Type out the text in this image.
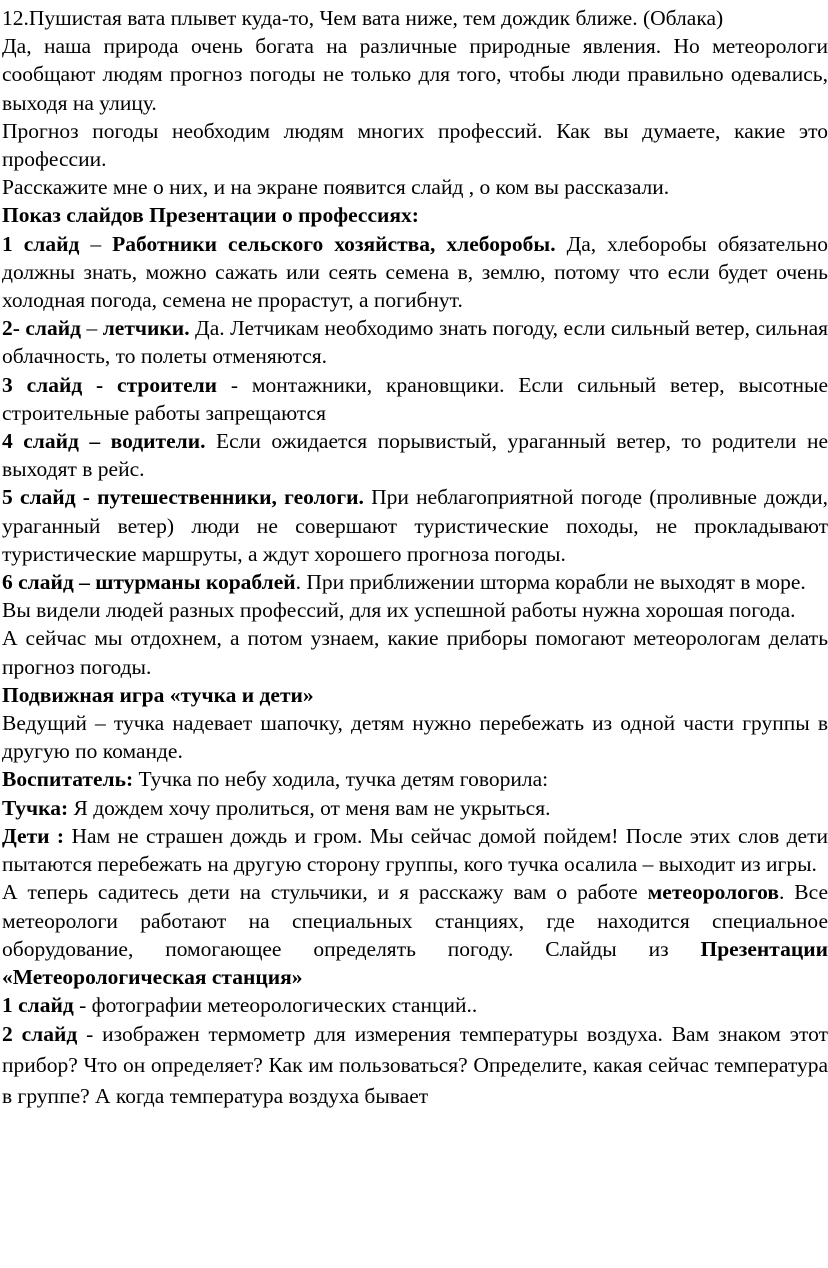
12.Пушистая вата плывет куда-то, Чем вата ниже, тем дождик ближе. (Облака)

Да, наша природа очень богата на различные природные явления. Но метеорологи сообщают людям прогноз погоды не только для того, чтобы люди правильно одевались, выходя на улицу.

Прогноз погоды необходим людям многих профессий. Как вы думаете, какие это профессии.

Расскажите мне о них, и на экране появится слайд , о ком вы рассказали.

Показ слайдов Презентации о профессиях:

1 слайд – Работники сельского хозяйства, хлеборобы. Да, хлеборобы обязательно должны знать, можно сажать или сеять семена в, землю, потому что если будет очень холодная погода, семена не прорастут, а погибнут.

2- слайд – летчики. Да. Летчикам необходимо знать погоду, если сильный ветер, сильная облачность, то полеты отменяются.

3 слайд - строители - монтажники, крановщики. Если сильный ветер, высотные строительные работы запрещаются

4 слайд – водители. Если ожидается порывистый, ураганный ветер, то родители не выходят в рейс.

5 слайд - путешественники, геологи. При неблагоприятной погоде (проливные дожди, ураганный ветер) люди не совершают туристические походы, не прокладывают туристические маршруты, а ждут хорошего прогноза погоды.

6 слайд – штурманы кораблей. При приближении шторма корабли не выходят в море.

Вы видели людей разных профессий, для их успешной работы нужна хорошая погода.

А сейчас мы отдохнем, а потом узнаем, какие приборы помогают метеорологам делать прогноз погоды.

Подвижная игра «тучка и дети»

Ведущий – тучка надевает шапочку, детям нужно перебежать из одной части группы в другую по команде.

Воспитатель: Тучка по небу ходила, тучка детям говорила:

Тучка: Я дождем хочу пролиться, от меня вам не укрыться.

Дети : Нам не страшен дождь и гром. Мы сейчас домой пойдем! После этих слов дети пытаются перебежать на другую сторону группы, кого тучка осалила – выходит из игры.

А теперь садитесь дети на стульчики, и я расскажу вам о работе метеорологов. Все метеорологи работают на специальных станциях, где находится специальное оборудование, помогающее определять погоду. Слайды из Презентации «Метеорологическая станция»

1 слайд - фотографии метеорологических станций..

2 слайд - изображен термометр для измерения температуры воздуха. Вам знаком этот прибор? Что он определяет? Как им пользоваться? Определите, какая сейчас температура в группе? А когда температура воздуха бывает
